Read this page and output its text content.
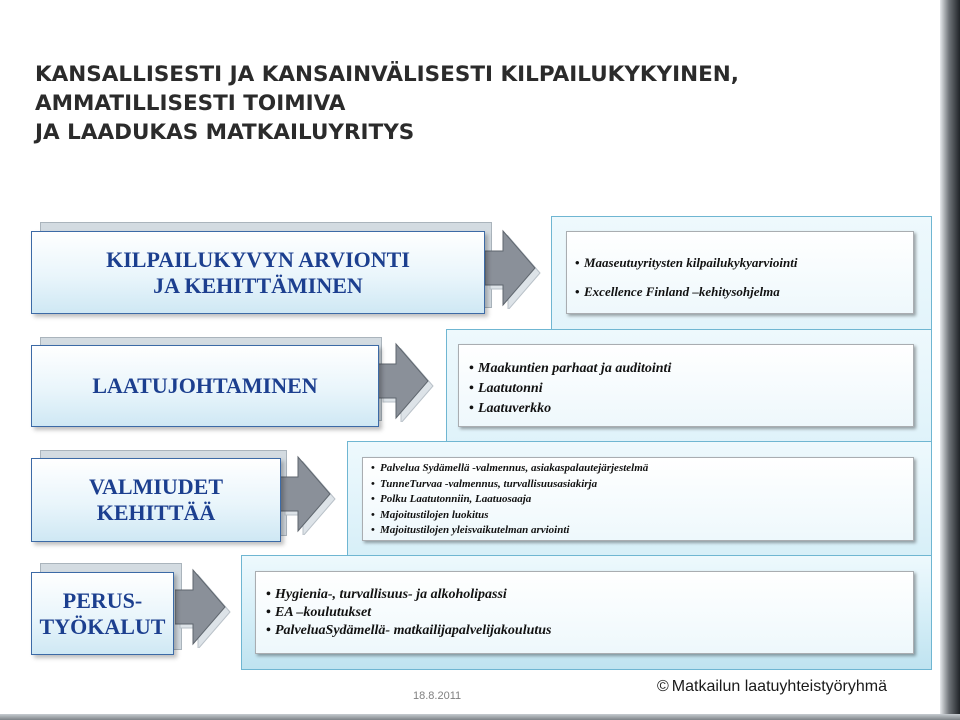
KANSALLISESTI JA KANSAINVÄLISESTI KILPAILUKYKYINEN,
AMMATILLISESTI TOIMIVA
JA LAADUKAS MATKAILUYRITYS
• Maaseutuyritysten kilpailukykyarviointi
• Excellence Finland –kehitysohjelma
• Maakuntien parhaat ja auditointi
• Laatutonni
• Laatuverkko
• Palvelua Sydämellä -valmennus, asiakaspalautejärjestelmä
• TunneTurvaa -valmennus, turvallisuusasiakirja
• Polku Laatutonniin, Laatuosaaja
• Majoitustilojen luokitus
• Majoitustilojen yleisvaikutelman arviointi
• Hygienia-, turvallisuus- ja alkoholipassi
• EA –koulutukset
• PalveluaSydämellä- matkailijapalvelijakoulutus
KILPAILUKYVYN ARVIONTI
JA KEHITTÄMINEN
LAATUJOHTAMINEN
VALMIUDET
KEHITTÄÄ
PERUS-
TYÖKALUT
18.8.2011
© Matkailun laatuyhteistyöryhmä
